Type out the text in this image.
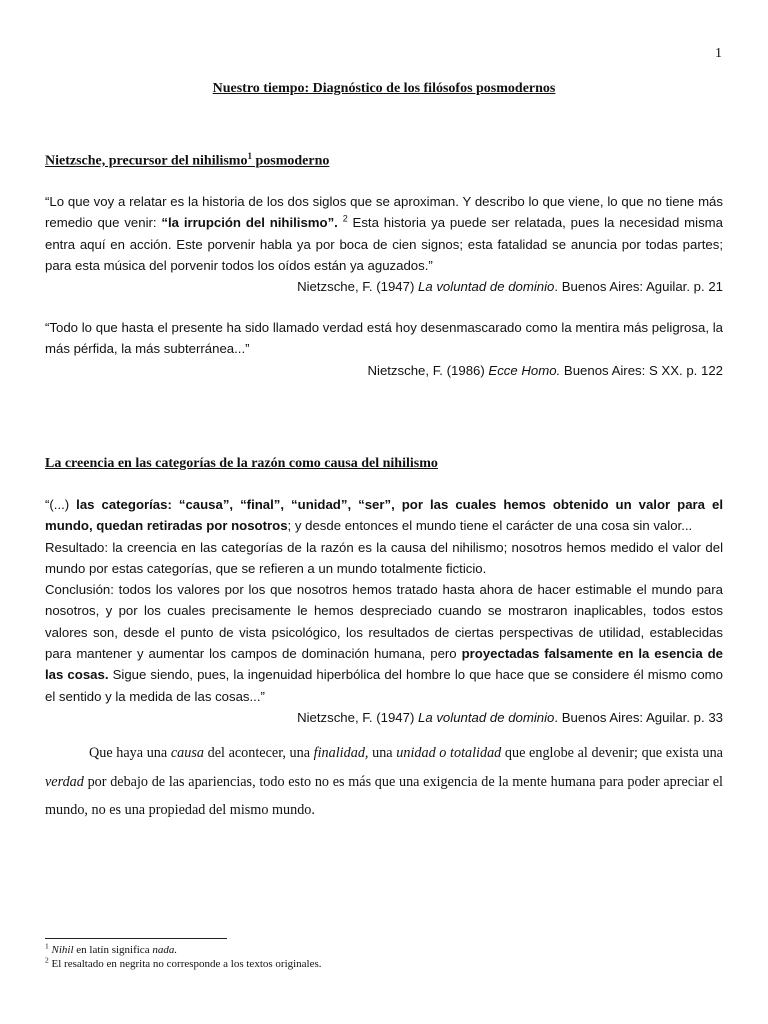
1
Nuestro tiempo: Diagnóstico de los filósofos posmodernos
Nietzsche, precursor del nihilismo$^1$ posmoderno

“Lo que voy a relatar es la historia de los dos siglos que se aproximan. Y describo lo que viene, lo que no tiene más remedio que venir: “la irrupción del nihilismo”. $^2$ Esta historia ya puede ser relatada, pues la necesidad misma entra aquí en acción. Este porvenir habla ya por boca de cien signos; esta fatalidad se anuncia por todas partes; para esta música del porvenir todos los oídos están ya aguzados.”

Nietzsche, F. (1947) La voluntad de dominio. Buenos Aires: Aguilar. p. 21

“Todo lo que hasta el presente ha sido llamado verdad está hoy desenmascarado como la mentira más peligrosa, la más pérfida, la más subterránea...”

Nietzsche, F. (1986) Ecce Homo. Buenos Aires: S XX. p. 122

La creencia en las categorías de la razón como causa del nihilismo

“(...) las categorías: “causa”, “final”, “unidad”, “ser”, por las cuales hemos obtenido un valor para el mundo, quedan retiradas por nosotros; y desde entonces el mundo tiene el carácter de una cosa sin valor...

Resultado: la creencia en las categorías de la razón es la causa del nihilismo; nosotros hemos medido el valor del mundo por estas categorías, que se refieren a un mundo totalmente ficticio.

Conclusión: todos los valores por los que nosotros hemos tratado hasta ahora de hacer estimable el mundo para nosotros, y por los cuales precisamente le hemos despreciado cuando se mostraron inaplicables, todos estos valores son, desde el punto de vista psicológico, los resultados de ciertas perspectivas de utilidad, establecidas para mantener y aumentar los campos de dominación humana, pero proyectadas falsamente en la esencia de las cosas. Sigue siendo, pues, la ingenuidad hiperbólica del hombre lo que hace que se considere él mismo como el sentido y la medida de las cosas...”

Nietzsche, F. (1947) La voluntad de dominio. Buenos Aires: Aguilar. p. 33

Que haya una causa del acontecer, una finalidad, una unidad o totalidad que englobe al devenir; que exista una verdad por debajo de las apariencias, todo esto no es más que una exigencia de la mente humana para poder apreciar el mundo, no es una propiedad del mismo mundo.

$^1$ Nihil en latín significa nada.

$^2$ El resaltado en negrita no corresponde a los textos originales.
